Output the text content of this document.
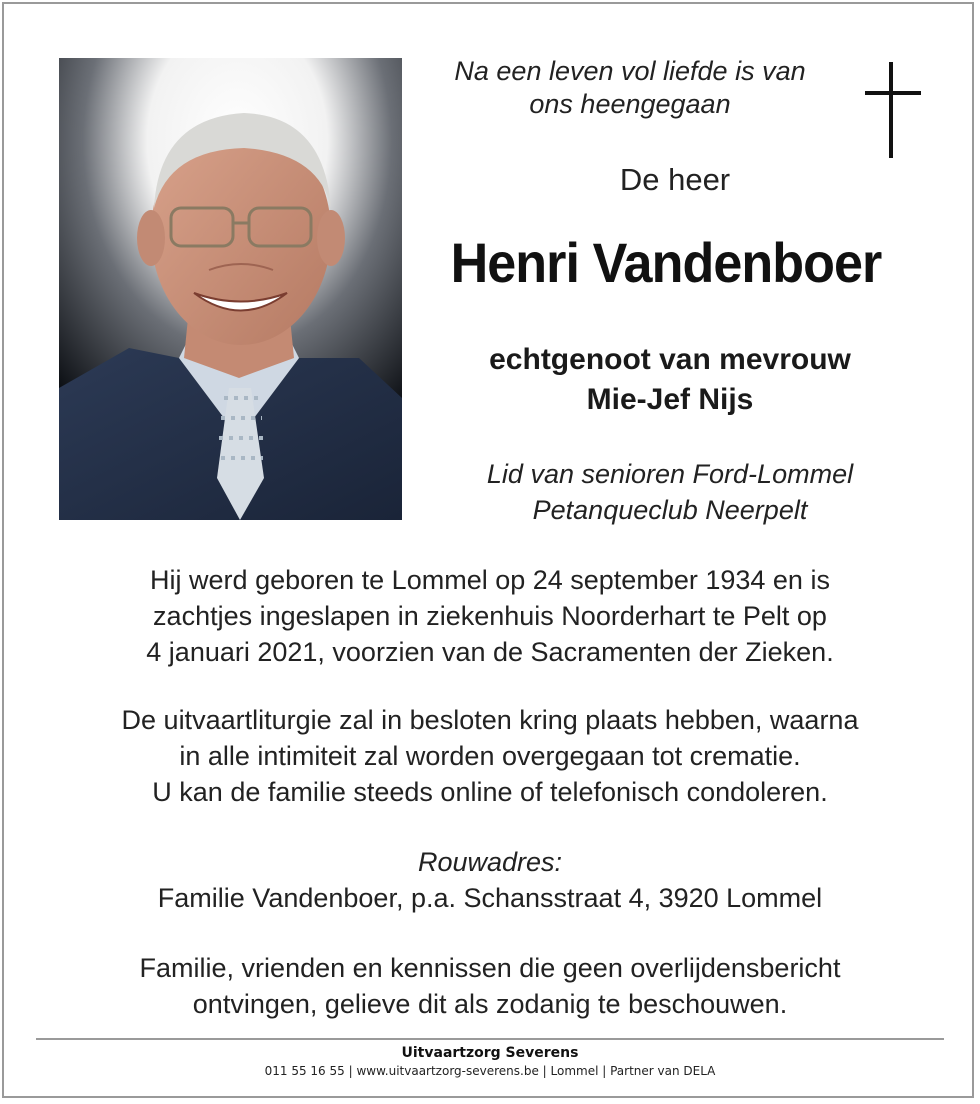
Na een leven vol liefde is van
ons heengegaan
De heer
Henri Vandenboer
echtgenoot van mevrouw
Mie-Jef Nijs
Lid van senioren Ford-Lommel
Petanqueclub Neerpelt
Hij werd geboren te Lommel op 24 september 1934 en is
zachtjes ingeslapen in ziekenhuis Noorderhart te Pelt op
4 januari 2021, voorzien van de Sacramenten der Zieken.
De uitvaartliturgie zal in besloten kring plaats hebben, waarna
in alle intimiteit zal worden overgegaan tot crematie.
U kan de familie steeds online of telefonisch condoleren.
Rouwadres:
Familie Vandenboer, p.a. Schansstraat 4, 3920 Lommel
Familie, vrienden en kennissen die geen overlijdensbericht
ontvingen, gelieve dit als zodanig te beschouwen.
Uitvaartzorg Severens
011 55 16 55 | www.uitvaartzorg-severens.be | Lommel | Partner van DELA
